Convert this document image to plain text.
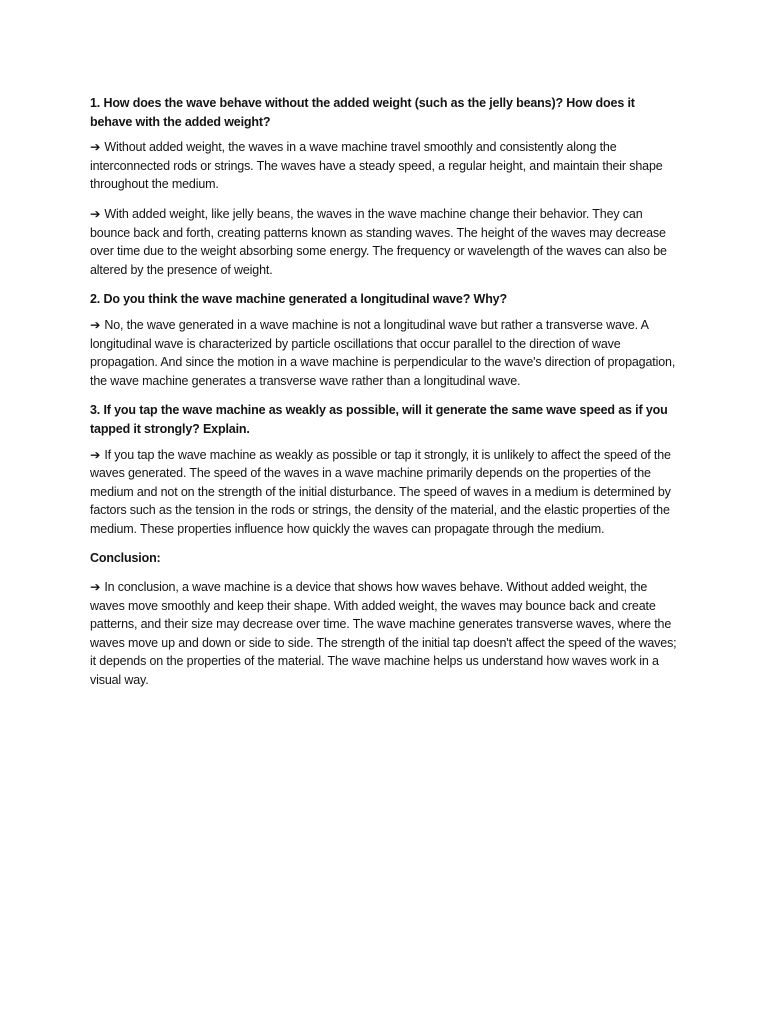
1. How does the wave behave without the added weight (such as the jelly beans)? How does it behave with the added weight?

➔ Without added weight, the waves in a wave machine travel smoothly and consistently along the interconnected rods or strings. The waves have a steady speed, a regular height, and maintain their shape throughout the medium.

➔ With added weight, like jelly beans, the waves in the wave machine change their behavior. They can bounce back and forth, creating patterns known as standing waves. The height of the waves may decrease over time due to the weight absorbing some energy. The frequency or wavelength of the waves can also be altered by the presence of weight.

2. Do you think the wave machine generated a longitudinal wave? Why?

➔ No, the wave generated in a wave machine is not a longitudinal wave but rather a transverse wave. A longitudinal wave is characterized by particle oscillations that occur parallel to the direction of wave propagation. And since the motion in a wave machine is perpendicular to the wave's direction of propagation, the wave machine generates a transverse wave rather than a longitudinal wave.

3. If you tap the wave machine as weakly as possible, will it generate the same wave speed as if you tapped it strongly? Explain.

➔ If you tap the wave machine as weakly as possible or tap it strongly, it is unlikely to affect the speed of the waves generated. The speed of the waves in a wave machine primarily depends on the properties of the medium and not on the strength of the initial disturbance. The speed of waves in a medium is determined by factors such as the tension in the rods or strings, the density of the material, and the elastic properties of the medium. These properties influence how quickly the waves can propagate through the medium.

Conclusion:

➔ In conclusion, a wave machine is a device that shows how waves behave. Without added weight, the waves move smoothly and keep their shape. With added weight, the waves may bounce back and create patterns, and their size may decrease over time. The wave machine generates transverse waves, where the waves move up and down or side to side. The strength of the initial tap doesn't affect the speed of the waves; it depends on the properties of the material. The wave machine helps us understand how waves work in a visual way.
